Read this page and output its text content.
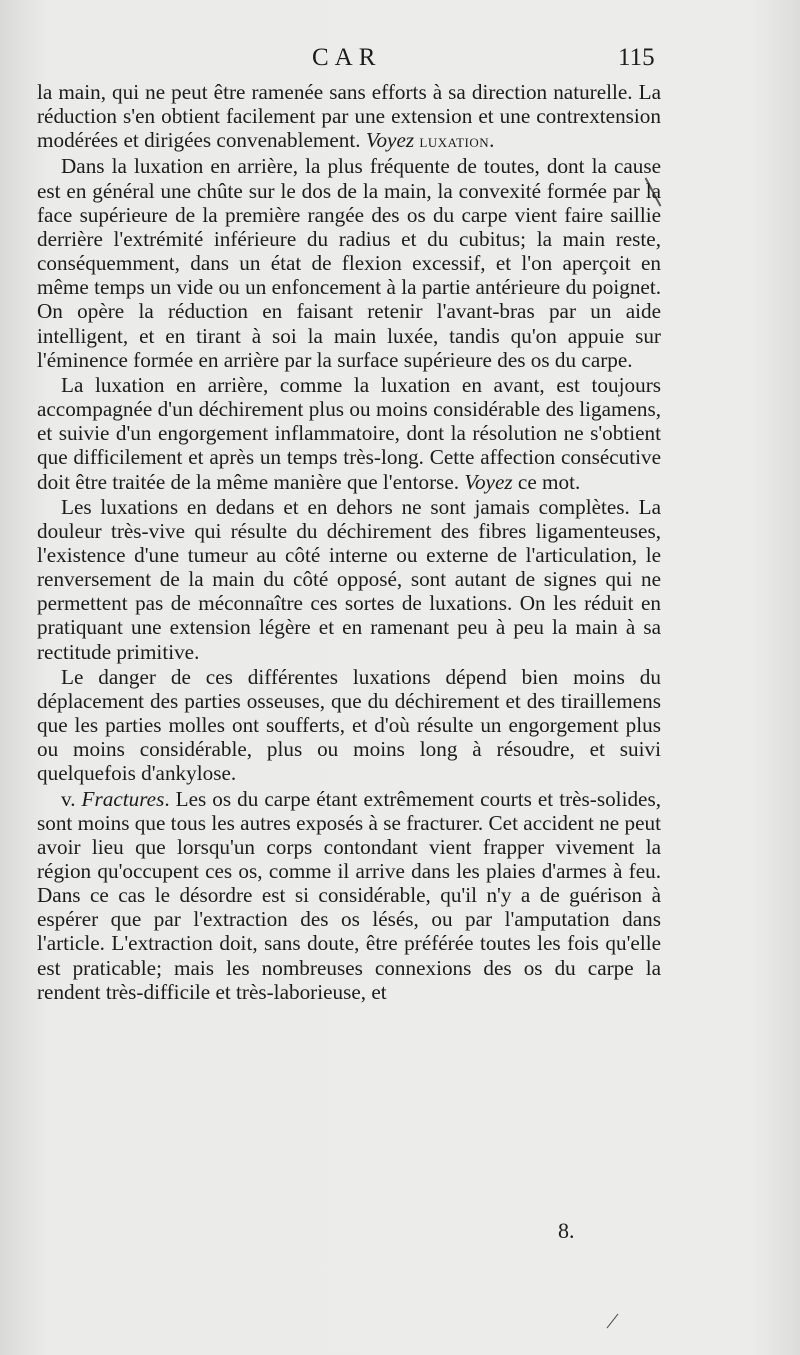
CAR	115

la main, qui ne peut être ramenée sans efforts à sa direction naturelle. La réduction s'en obtient facilement par une extension et une contrextension modérées et dirigées convenablement. Voyez luxation.

Dans la luxation en arrière, la plus fréquente de toutes, dont la cause est en général une chûte sur le dos de la main, la convexité formée par la face supérieure de la première rangée des os du carpe vient faire saillie derrière l'extrémité inférieure du radius et du cubitus; la main reste, conséquemment, dans un état de flexion excessif, et l'on aperçoit en même temps un vide ou un enfoncement à la partie antérieure du poignet. On opère la réduction en faisant retenir l'avant-bras par un aide intelligent, et en tirant à soi la main luxée, tandis qu'on appuie sur l'éminence formée en arrière par la surface supérieure des os du carpe.

La luxation en arrière, comme la luxation en avant, est toujours accompagnée d'un déchirement plus ou moins considérable des ligamens, et suivie d'un engorgement inflammatoire, dont la résolution ne s'obtient que difficilement et après un temps très-long. Cette affection consécutive doit être traitée de la même manière que l'entorse. Voyez ce mot.

Les luxations en dedans et en dehors ne sont jamais complètes. La douleur très-vive qui résulte du déchirement des fibres ligamenteuses, l'existence d'une tumeur au côté interne ou externe de l'articulation, le renversement de la main du côté opposé, sont autant de signes qui ne permettent pas de méconnaître ces sortes de luxations. On les réduit en pratiquant une extension légère et en ramenant peu à peu la main à sa rectitude primitive.

Le danger de ces différentes luxations dépend bien moins du déplacement des parties osseuses, que du déchirement et des tiraillemens que les parties molles ont soufferts, et d'où résulte un engorgement plus ou moins considérable, plus ou moins long à résoudre, et suivi quelquefois d'ankylose.

v. Fractures. Les os du carpe étant extrêmement courts et très-solides, sont moins que tous les autres exposés à se fracturer. Cet accident ne peut avoir lieu que lorsqu'un corps contondant vient frapper vivement la région qu'occupent ces os, comme il arrive dans les plaies d'armes à feu. Dans ce cas le désordre est si considérable, qu'il n'y a de guérison à espérer que par l'extraction des os lésés, ou par l'amputation dans l'article. L'extraction doit, sans doute, être préférée toutes les fois qu'elle est praticable; mais les nombreuses connexions des os du carpe la rendent très-difficile et très-laborieuse, et

8.
